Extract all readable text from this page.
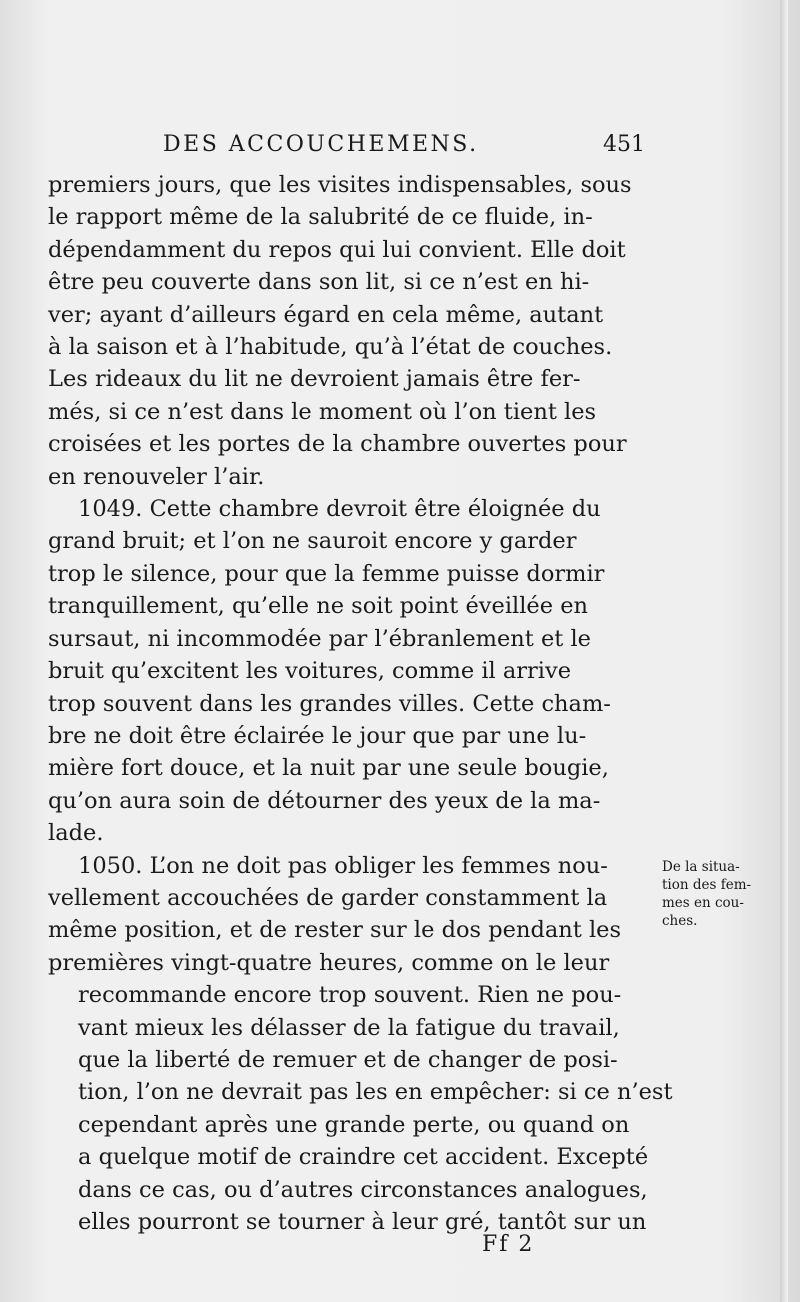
DES ACCOUCHEMENS.	451
premiers jours, que les visites indispensables, sous
le rapport même de la salubrité de ce fluide, in-
dépendamment du repos qui lui convient. Elle doit
être peu couverte dans son lit, si ce n’est en hi-
ver; ayant d’ailleurs égard en cela même, autant
à la saison et à l’habitude, qu’à l’état de couches.
Les rideaux du lit ne devroient jamais être fer-
més, si ce n’est dans le moment où l’on tient les
croisées et les portes de la chambre ouvertes pour
en renouveler l’air.
1049. Cette chambre devroit être éloignée du
grand bruit; et l’on ne sauroit encore y garder
trop le silence, pour que la femme puisse dormir
tranquillement, qu’elle ne soit point éveillée en
sursaut, ni incommodée par l’ébranlement et le
bruit qu’excitent les voitures, comme il arrive
trop souvent dans les grandes villes. Cette cham-
bre ne doit être éclairée le jour que par une lu-
mière fort douce, et la nuit par une seule bougie,
qu’on aura soin de détourner des yeux de la ma-
lade.
1050. L’on ne doit pas obliger les femmes nou-
vellement accouchées de garder constamment la
même position, et de rester sur le dos pendant les
premières vingt-quatre heures, comme on le leur
recommande encore trop souvent. Rien ne pou-
vant mieux les délasser de la fatigue du travail,
que la liberté de remuer et de changer de posi-
tion, l’on ne devrait pas les en empêcher: si ce n’est
cependant après une grande perte, ou quand on
a quelque motif de craindre cet accident. Excepté
dans ce cas, ou d’autres circonstances analogues,
elles pourront se tourner à leur gré, tantôt sur un
De la situa-
tion des fem-
mes en cou-
ches.
Ff 2
